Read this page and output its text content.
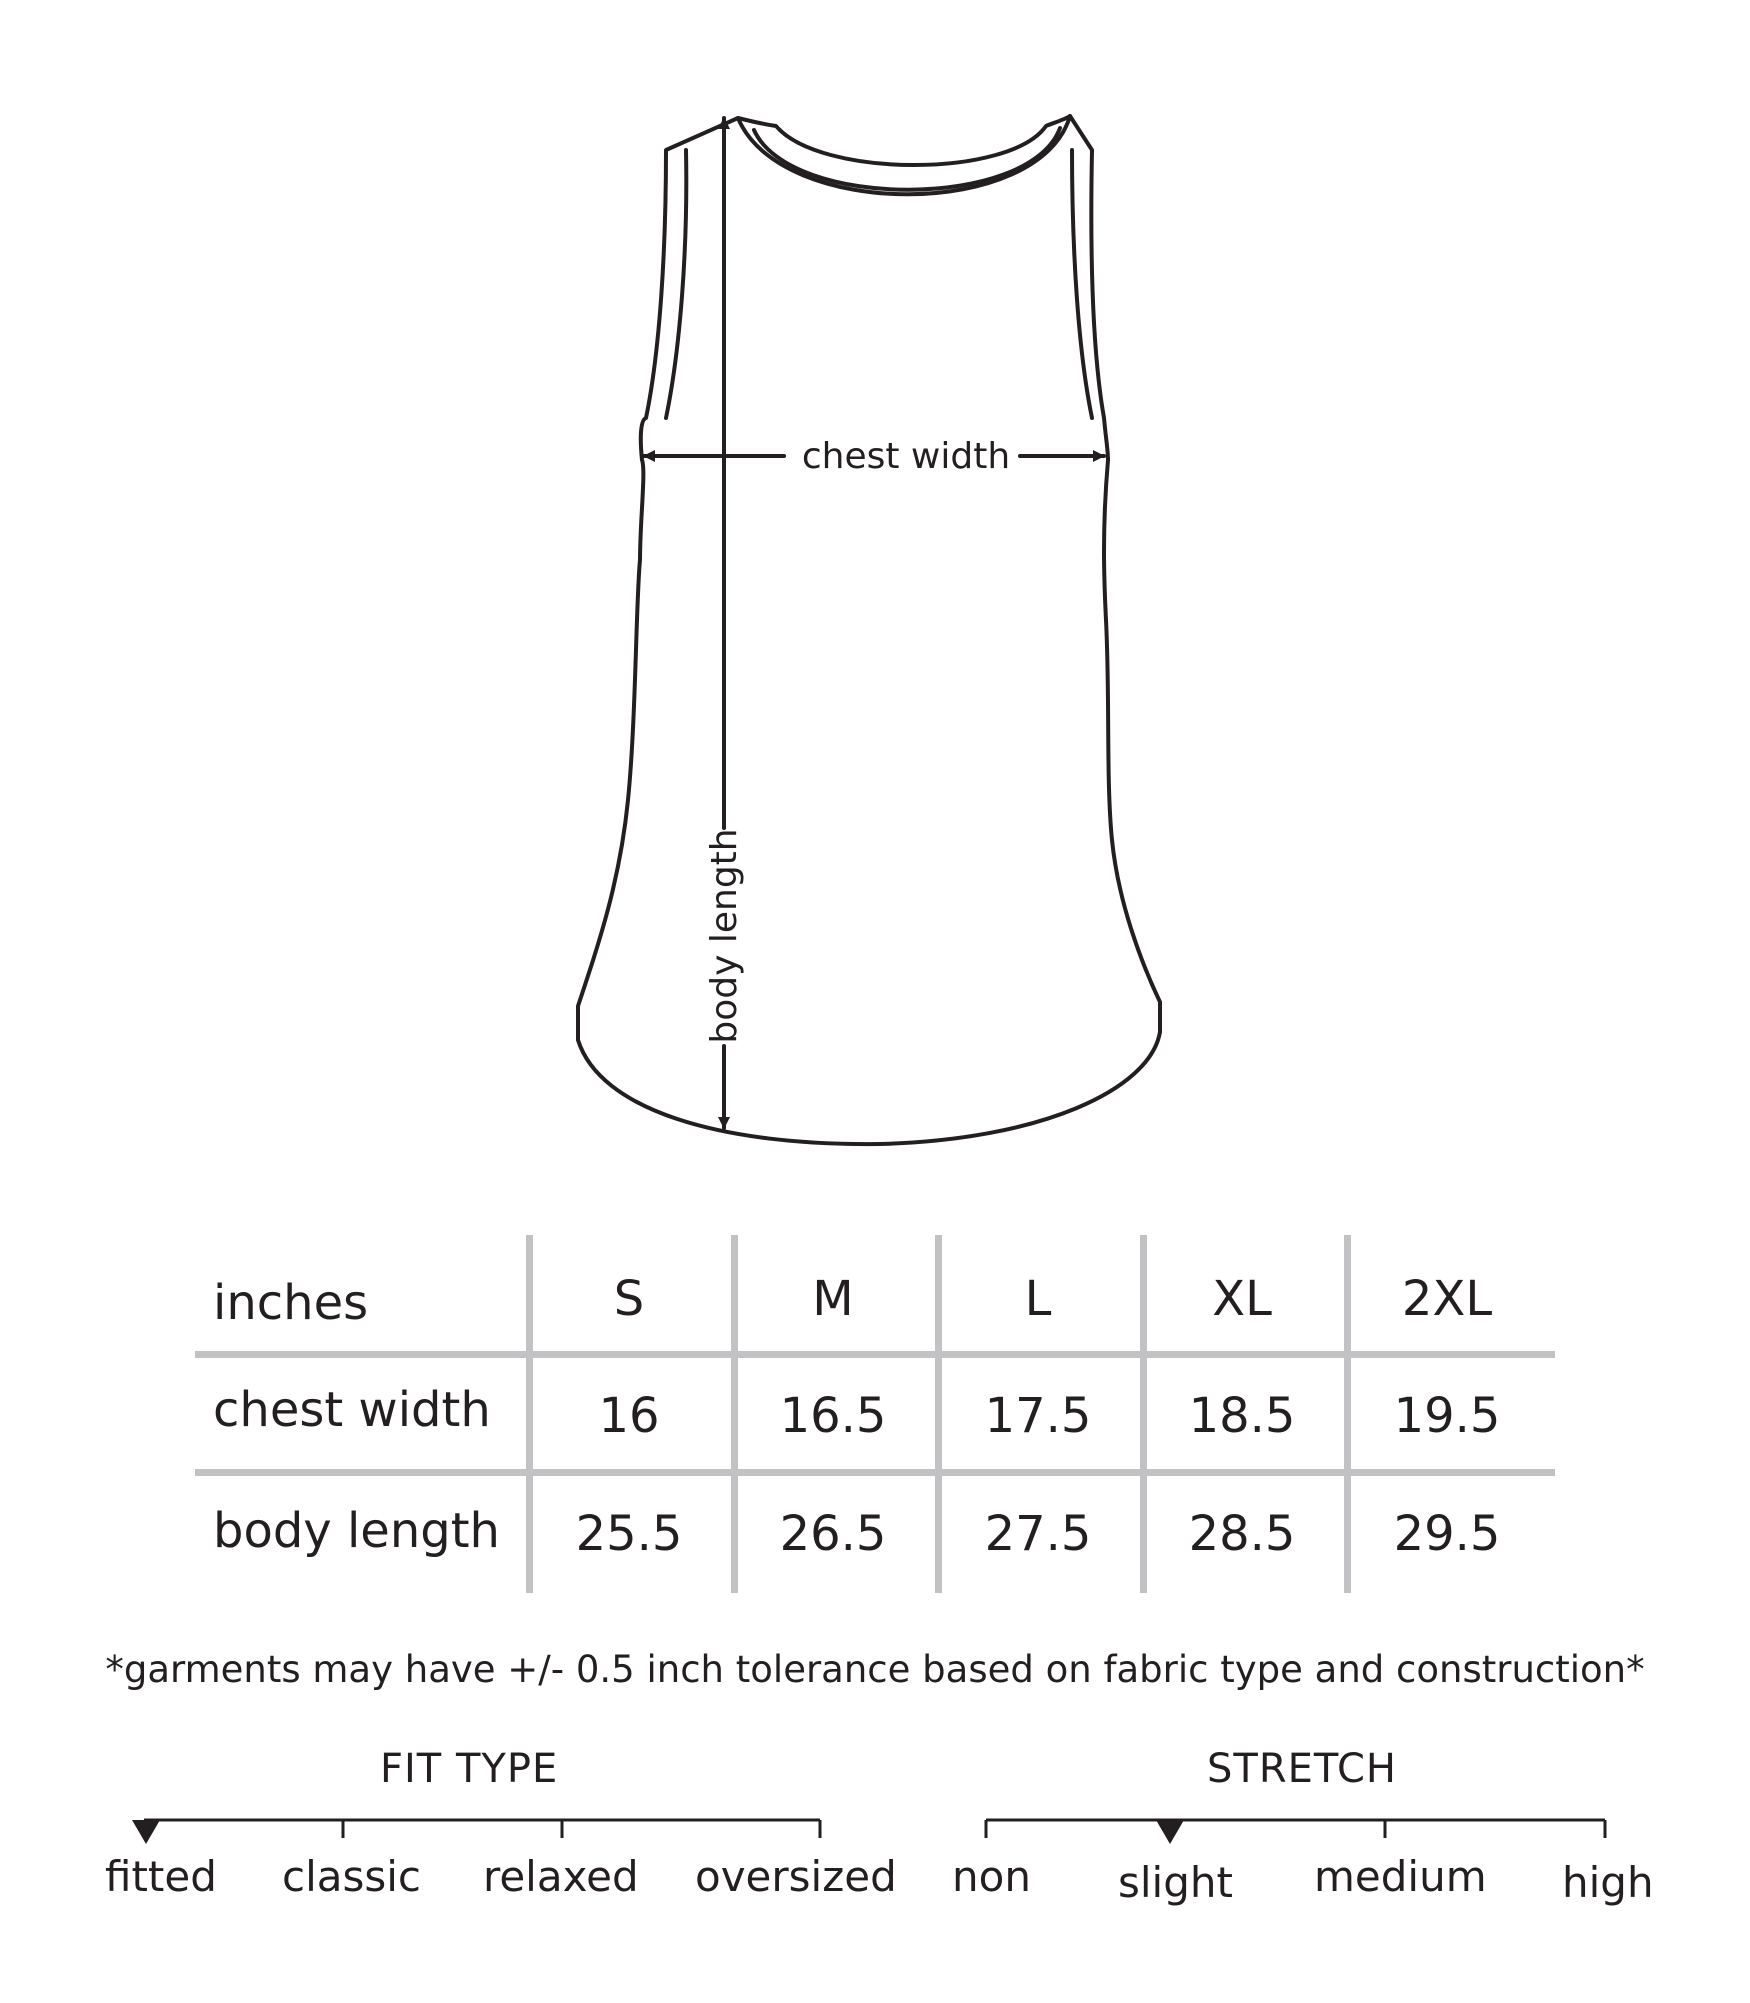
chest width
body length
inches	S	M	L	XL	2XL
chest width	16	16.5	17.5	18.5	19.5
body length	25.5	26.5	27.5	28.5	29.5
*garments may have +/- 0.5 inch tolerance based on fabric type and construction*
FIT TYPE
fitted classic relaxed oversized
STRETCH
non slight medium high
